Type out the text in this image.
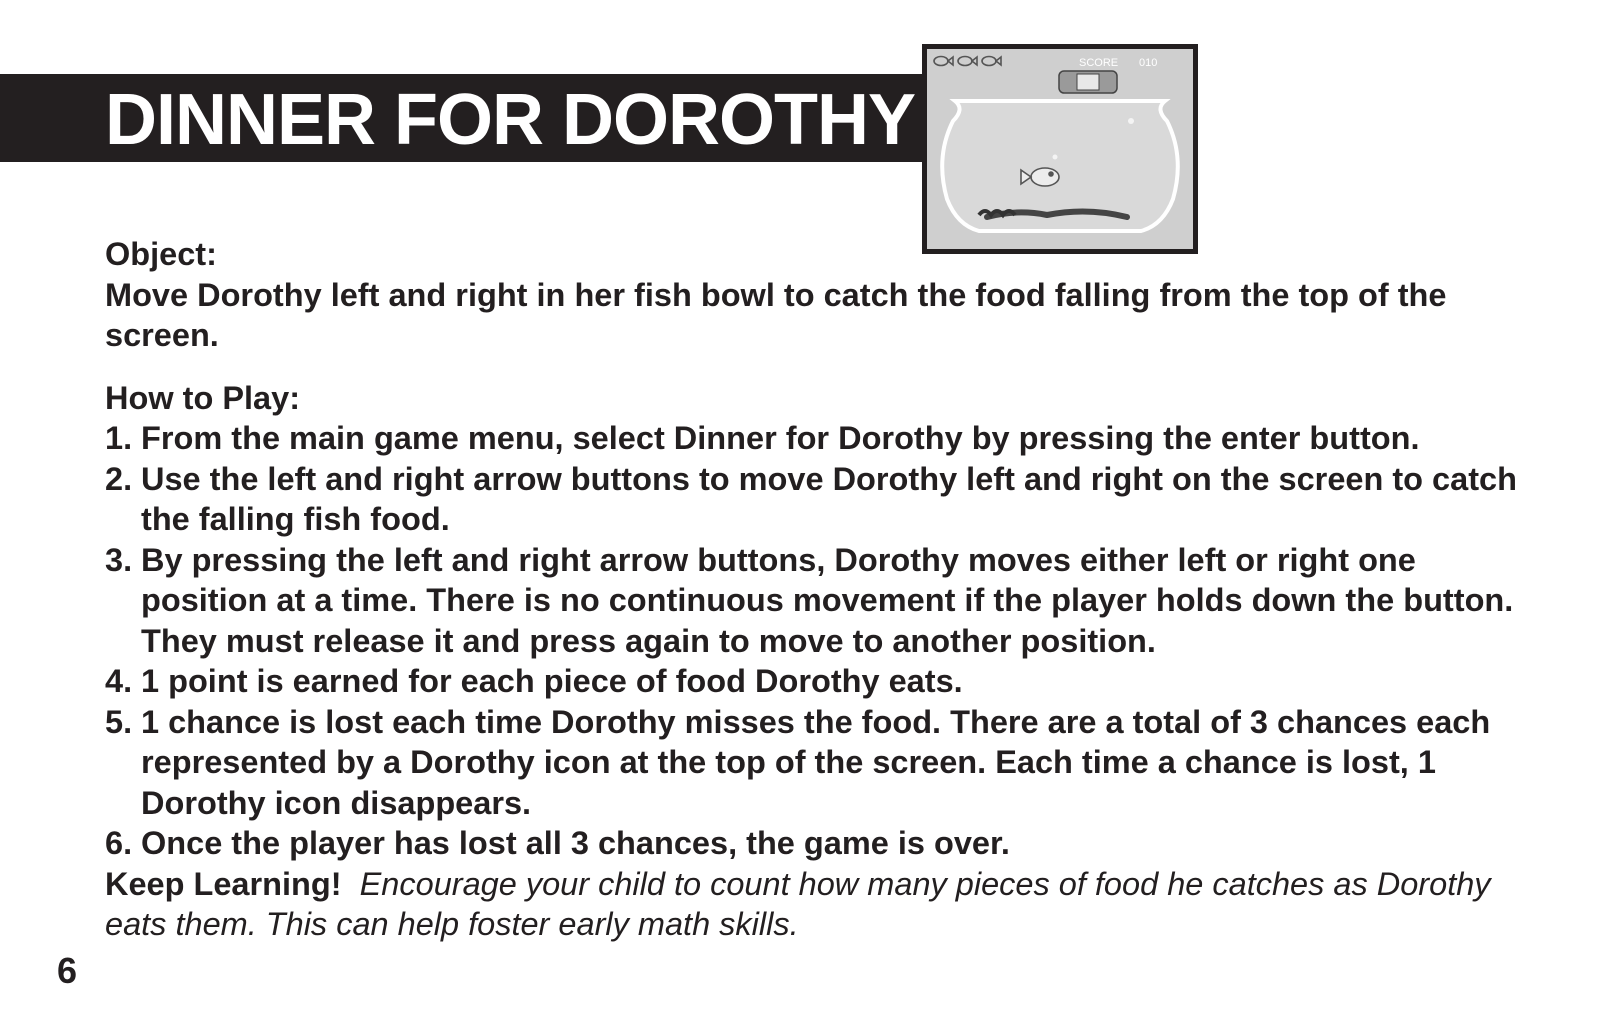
DINNER FOR DOROTHY
SCORE 010

Object:

Move Dorothy left and right in her fish bowl to catch the food falling from the top of the screen.

How to Play:

1. From the main game menu, select Dinner for Dorothy by pressing the enter button.
2. Use the left and right arrow buttons to move Dorothy left and right on the screen to catch the falling fish food.
3. By pressing the left and right arrow buttons, Dorothy moves either left or right one position at a time. There is no continuous movement if the player holds down the button. They must release it and press again to move to another position.
4. 1 point is earned for each piece of food Dorothy eats.
5. 1 chance is lost each time Dorothy misses the food. There are a total of 3 chances each represented by a Dorothy icon at the top of the screen. Each time a chance is lost, 1 Dorothy icon disappears.
6. Once the player has lost all 3 chances, the game is over.

Keep Learning! Encourage your child to count how many pieces of food he catches as Dorothy eats them. This can help foster early math skills.

6
